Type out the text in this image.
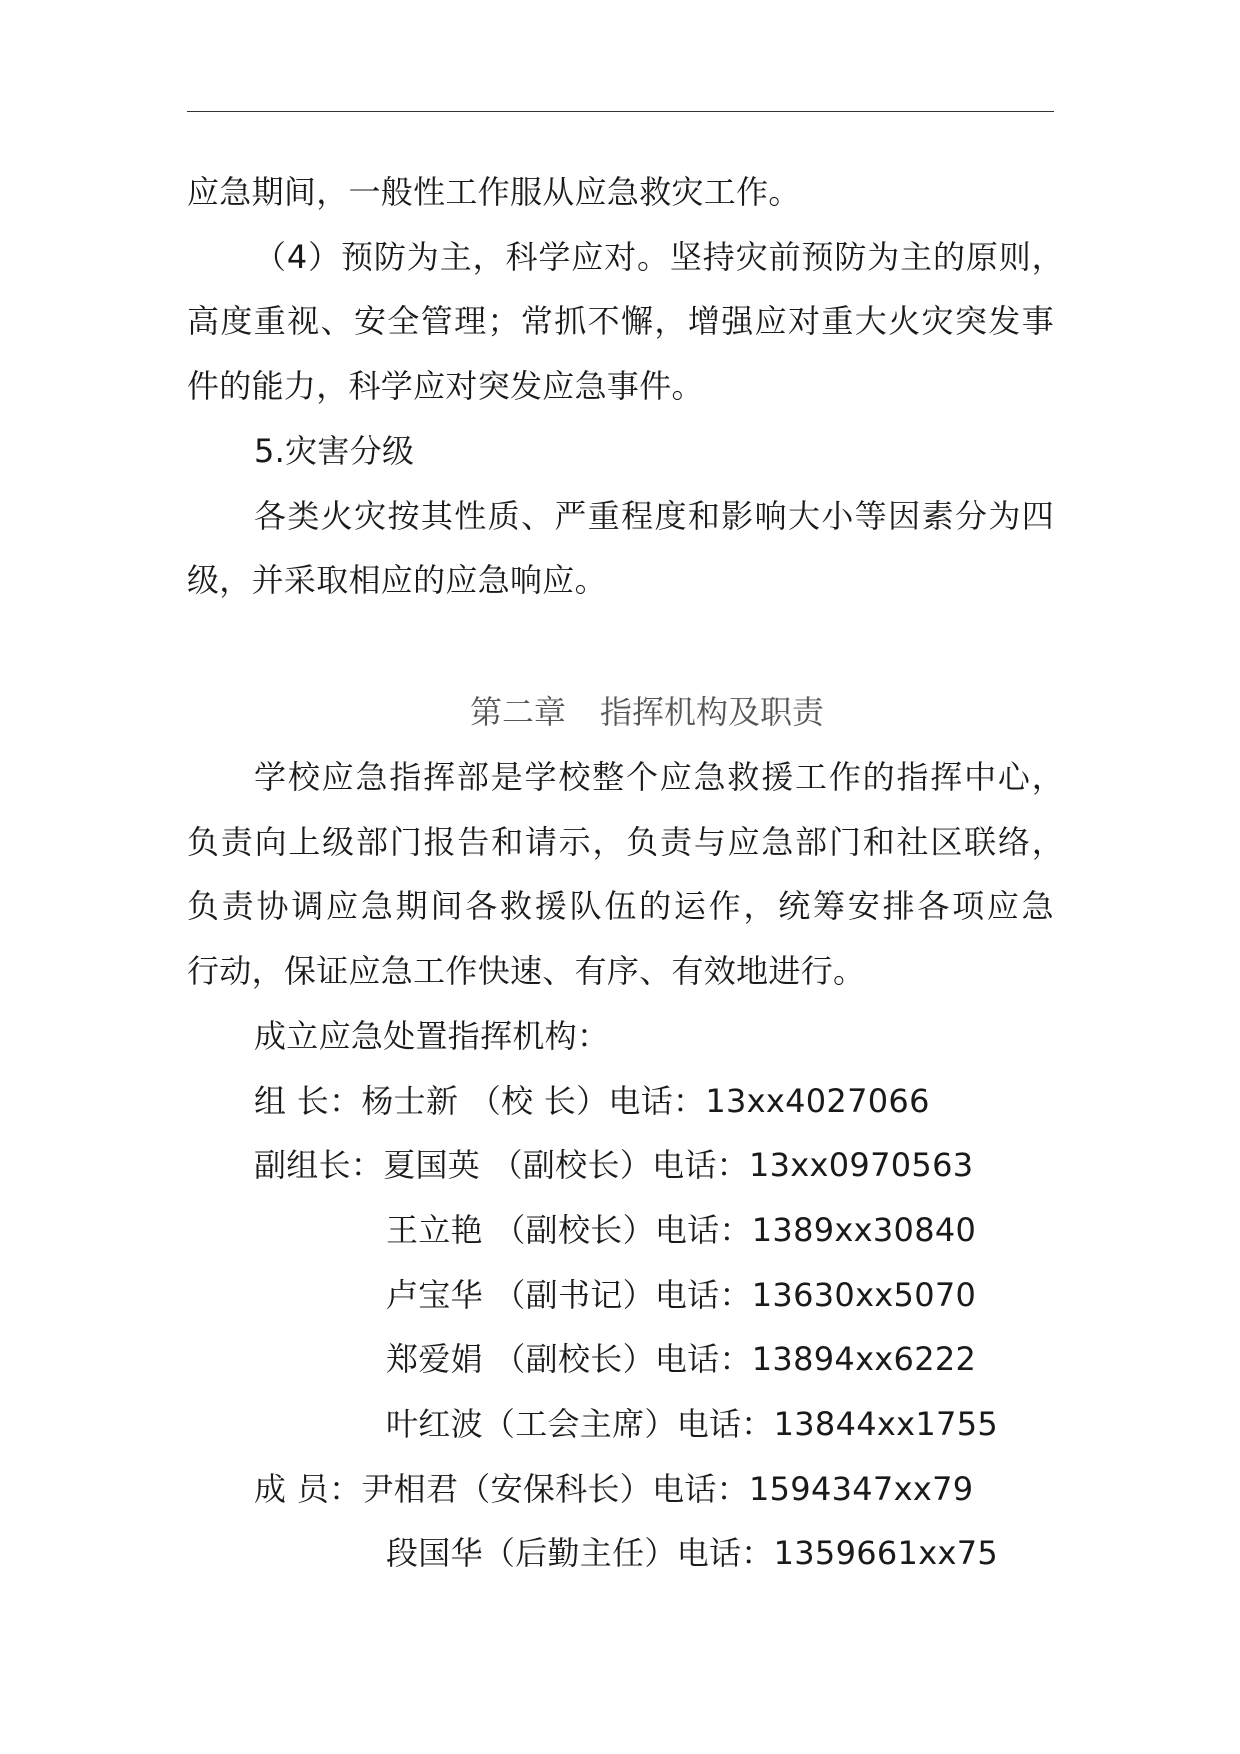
应急期间，一般性工作服从应急救灾工作。
（4）预防为主，科学应对。坚持灾前预防为主的原则，
高度重视、安全管理；常抓不懈，增强应对重大火灾突发事
件的能力，科学应对突发应急事件。
5.灾害分级
各类火灾按其性质、严重程度和影响大小等因素分为四
级，并采取相应的应急响应。
第二章 指挥机构及职责
学校应急指挥部是学校整个应急救援工作的指挥中心，
负责向上级部门报告和请示，负责与应急部门和社区联络，
负责协调应急期间各救援队伍的运作，统筹安排各项应急
行动，保证应急工作快速、有序、有效地进行。
成立应急处置指挥机构：
组 长：杨士新 （校 长）电话：13xx4027066
副组长：夏国英 （副校长）电话：13xx0970563
王立艳 （副校长）电话：1389xx30840
卢宝华 （副书记）电话：13630xx5070
郑爱娟 （副校长）电话：13894xx6222
叶红波（工会主席）电话：13844xx1755
成 员：尹相君（安保科长）电话：1594347xx79
段国华（后勤主任）电话：1359661xx75
